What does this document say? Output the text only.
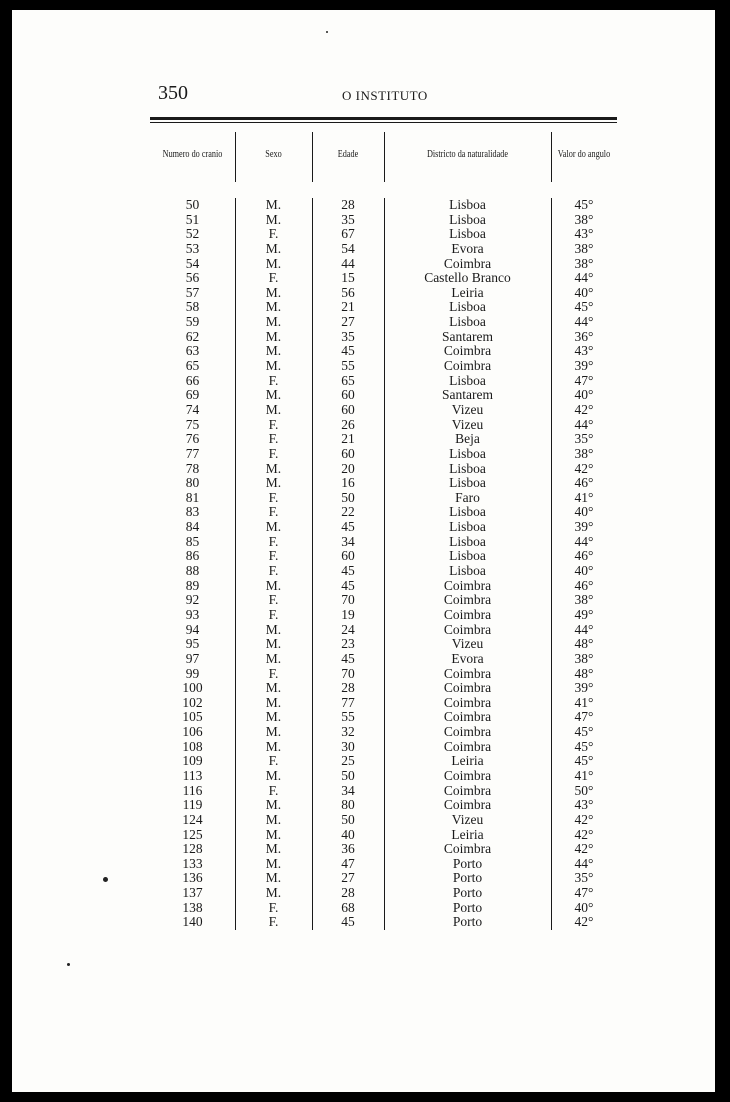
350	O INSTITUTO
Numero do cranio	Sexo	Edade	Districto da naturalidade	Valor do angulo
50	M.	28	Lisboa	45°
51	M.	35	Lisboa	38°
52	F.	67	Lisboa	43°
53	M.	54	Evora	38°
54	M.	44	Coimbra	38°
56	F.	15	Castello Branco	44°
57	M.	56	Leiria	40°
58	M.	21	Lisboa	45°
59	M.	27	Lisboa	44°
62	M.	35	Santarem	36°
63	M.	45	Coimbra	43°
65	M.	55	Coimbra	39°
66	F.	65	Lisboa	47°
69	M.	60	Santarem	40°
74	M.	60	Vizeu	42°
75	F.	26	Vizeu	44°
76	F.	21	Beja	35°
77	F.	60	Lisboa	38°
78	M.	20	Lisboa	42°
80	M.	16	Lisboa	46°
81	F.	50	Faro	41°
83	F.	22	Lisboa	40°
84	M.	45	Lisboa	39°
85	F.	34	Lisboa	44°
86	F.	60	Lisboa	46°
88	F.	45	Lisboa	40°
89	M.	45	Coimbra	46°
92	F.	70	Coimbra	38°
93	F.	19	Coimbra	49°
94	M.	24	Coimbra	44°
95	M.	23	Vizeu	48°
97	M.	45	Evora	38°
99	F.	70	Coimbra	48°
100	M.	28	Coimbra	39°
102	M.	77	Coimbra	41°
105	M.	55	Coimbra	47°
106	M.	32	Coimbra	45°
108	M.	30	Coimbra	45°
109	F.	25	Leiria	45°
113	M.	50	Coimbra	41°
116	F.	34	Coimbra	50°
119	M.	80	Coimbra	43°
124	M.	50	Vizeu	42°
125	M.	40	Leiria	42°
128	M.	36	Coimbra	42°
133	M.	47	Porto	44°
136	M.	27	Porto	35°
137	M.	28	Porto	47°
138	F.	68	Porto	40°
140	F.	45	Porto	42°
